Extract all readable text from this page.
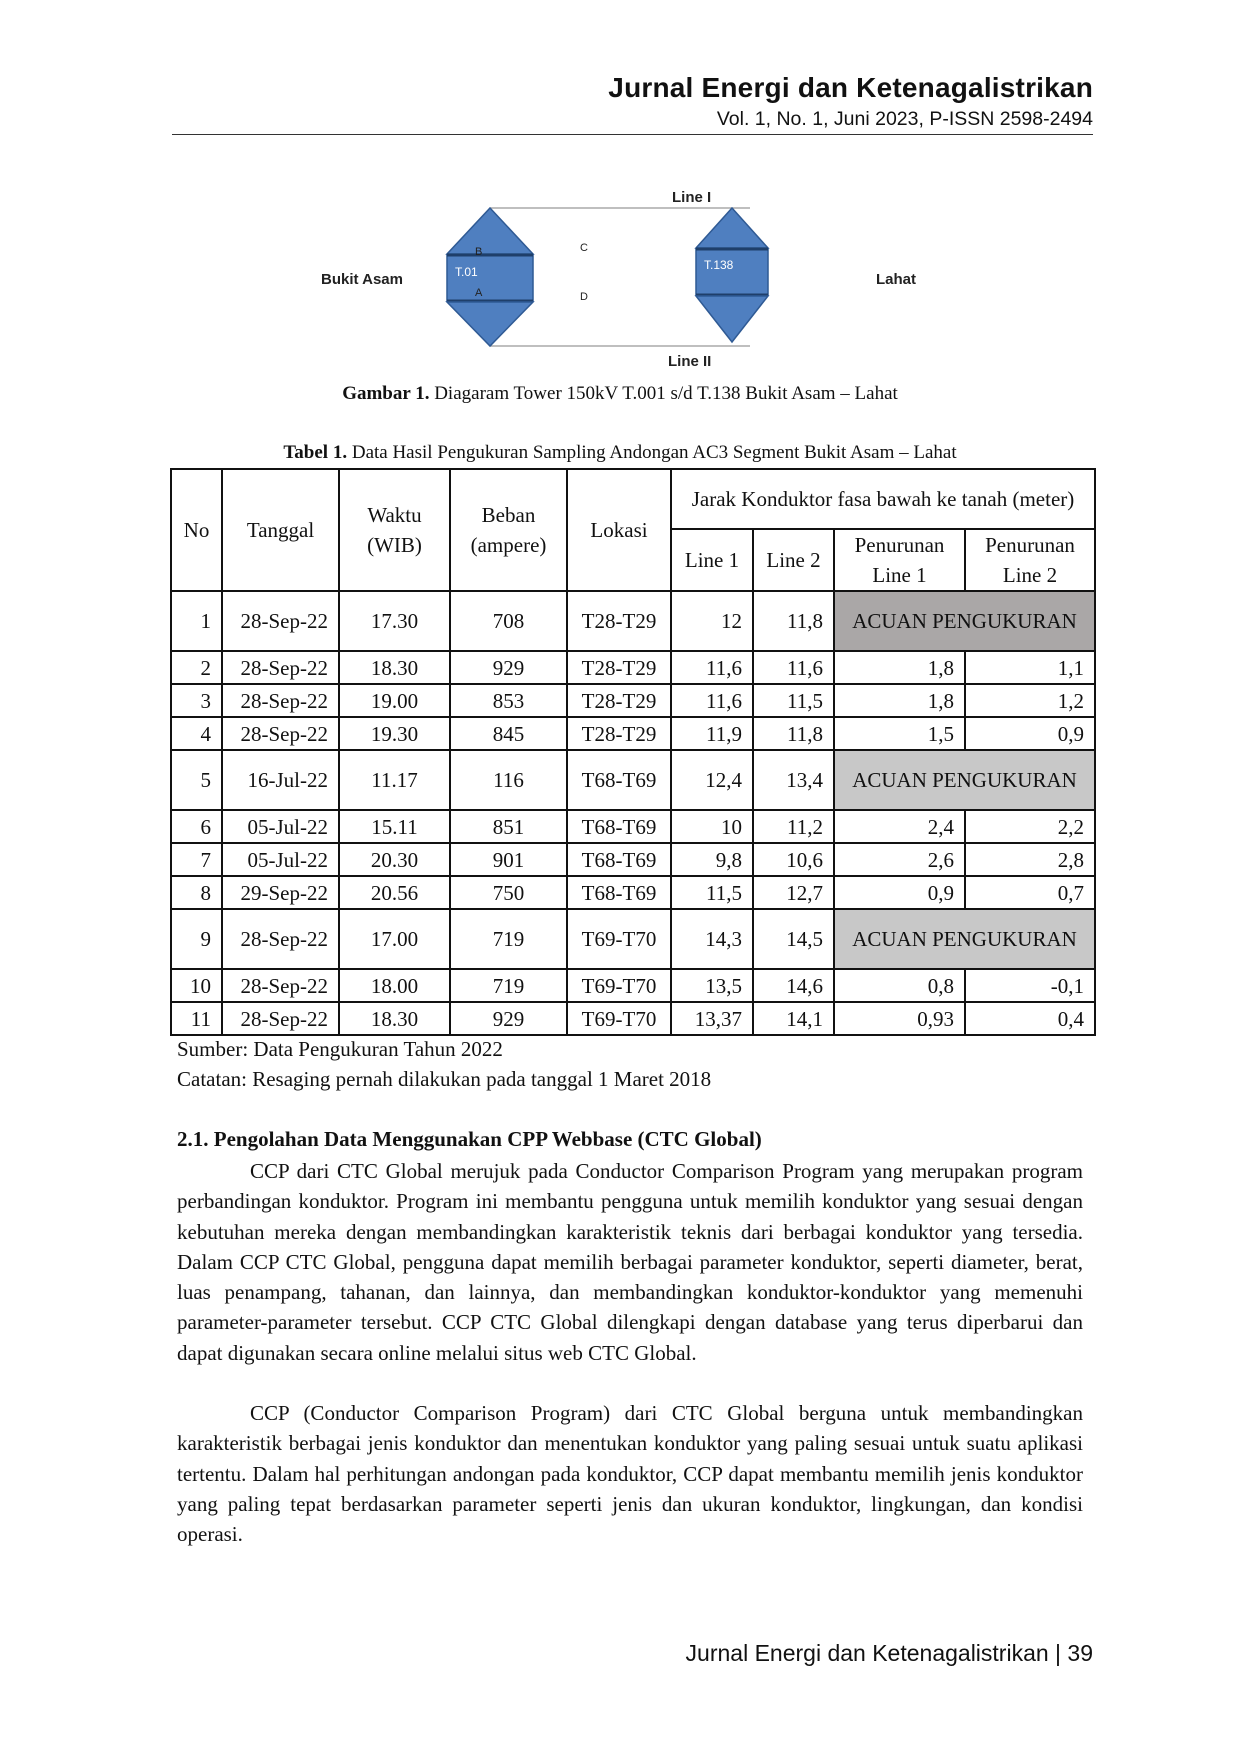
Jurnal Energi dan Ketenagalistrikan
Vol. 1, No. 1, Juni 2023, P-ISSN 2598-2494
T.01	T.138
Line I
Line II
Bukit Asam	Lahat
B
A
C
D
Gambar 1. Diagaram Tower 150kV T.001 s/d T.138 Bukit Asam – Lahat
Tabel 1. Data Hasil Pengukuran Sampling Andongan AC3 Segment Bukit Asam – Lahat
No	Tanggal	Waktu (WIB)	Beban (ampere)	Lokasi	Jarak Konduktor fasa bawah ke tanah (meter)			
					Line 1	Line 2	Penurunan Line 1	Penurunan Line 2
1	28-Sep-22	17.30	708	T28-T29	12	11,8	ACUAN PENGUKURAN	
2	28-Sep-22	18.30	929	T28-T29	11,6	11,6	1,8	1,1
3	28-Sep-22	19.00	853	T28-T29	11,6	11,5	1,8	1,2
4	28-Sep-22	19.30	845	T28-T29	11,9	11,8	1,5	0,9
5	16-Jul-22	11.17	116	T68-T69	12,4	13,4	ACUAN PENGUKURAN	
6	05-Jul-22	15.11	851	T68-T69	10	11,2	2,4	2,2
7	05-Jul-22	20.30	901	T68-T69	9,8	10,6	2,6	2,8
8	29-Sep-22	20.56	750	T68-T69	11,5	12,7	0,9	0,7
9	28-Sep-22	17.00	719	T69-T70	14,3	14,5	ACUAN PENGUKURAN	
10	28-Sep-22	18.00	719	T69-T70	13,5	14,6	0,8	-0,1
11	28-Sep-22	18.30	929	T69-T70	13,37	14,1	0,93	0,4
Sumber: Data Pengukuran Tahun 2022
Catatan: Resaging pernah dilakukan pada tanggal 1 Maret 2018
2.1. Pengolahan Data Menggunakan CPP Webbase (CTC Global)

CCP dari CTC Global merujuk pada Conductor Comparison Program yang merupakan program perbandingan konduktor. Program ini membantu pengguna untuk memilih konduktor yang sesuai dengan kebutuhan mereka dengan membandingkan karakteristik teknis dari berbagai konduktor yang tersedia. Dalam CCP CTC Global, pengguna dapat memilih berbagai parameter konduktor, seperti diameter, berat, luas penampang, tahanan, dan lainnya, dan membandingkan konduktor-konduktor yang memenuhi parameter-parameter tersebut. CCP CTC Global dilengkapi dengan database yang terus diperbarui dan dapat digunakan secara online melalui situs web CTC Global.

CCP (Conductor Comparison Program) dari CTC Global berguna untuk membandingkan karakteristik berbagai jenis konduktor dan menentukan konduktor yang paling sesuai untuk suatu aplikasi tertentu. Dalam hal perhitungan andongan pada konduktor, CCP dapat membantu memilih jenis konduktor yang paling tepat berdasarkan parameter seperti jenis dan ukuran konduktor, lingkungan, dan kondisi operasi.

Jurnal Energi dan Ketenagalistrikan | 39
